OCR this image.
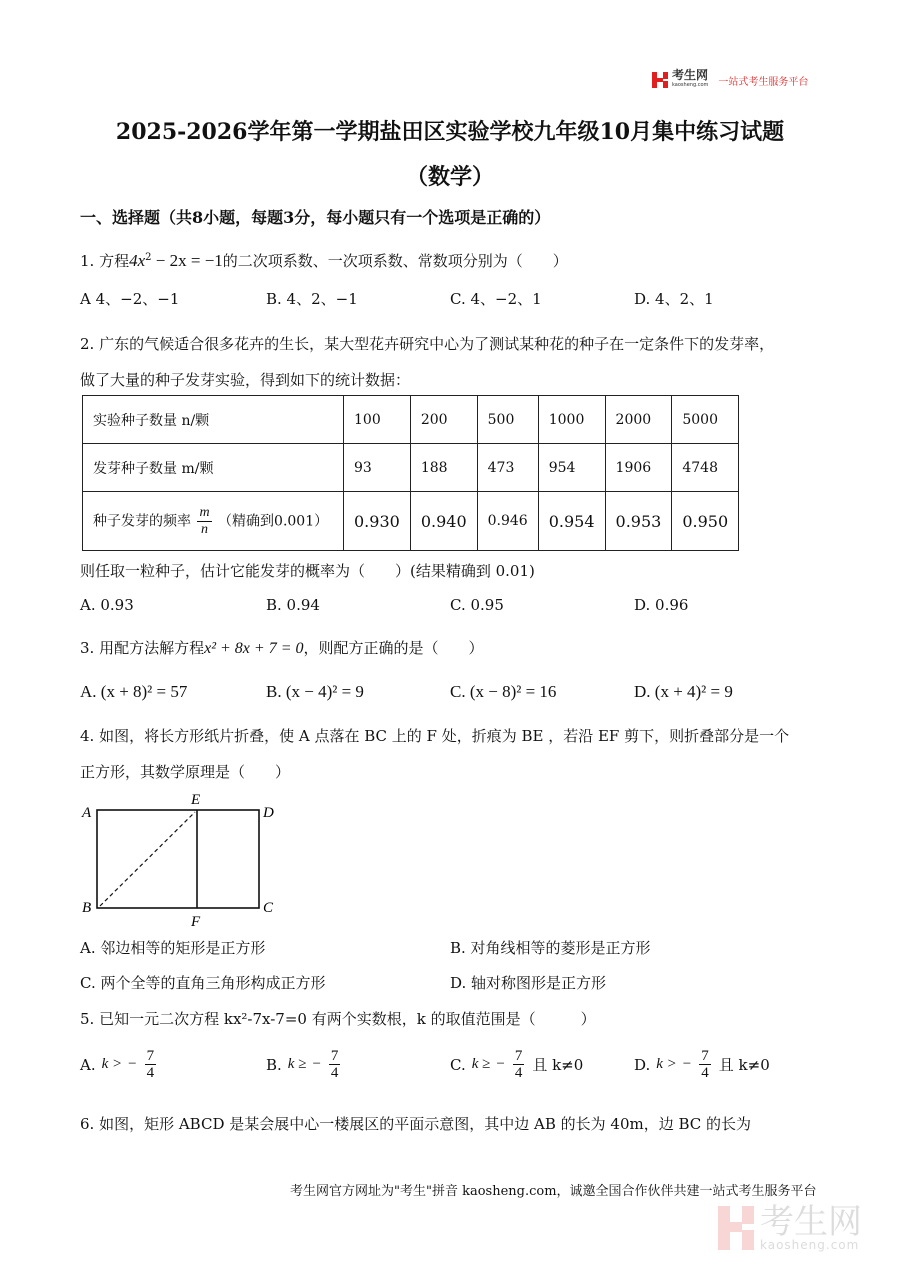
考生网
kaosheng.com 一站式考生服务平台
2025-2026学年第一学期盐田区实验学校九年级10月集中练习试题
（数学）
一、选择题（共8小题，每题3分，每小题只有一个选项是正确的）
1. 方程$4x^2 - 2x = -1$的二次项系数、一次项系数、常数项分别为（　　）
A 4、−2、−1	B. 4、2、−1	C. 4、−2、1	D. 4、2、1
2. 广东的气候适合很多花卉的生长，某大型花卉研究中心为了测试某种花的种子在一定条件下的发芽率，
做了大量的种子发芽实验，得到如下的统计数据：
实验种子数量 n/颗	100	200	500	1000	2000	5000
发芽种子数量 m/颗	93	188	473	954	1906	4748
种子发芽的频率 $\frac{m}{n}$ （精确到0.001）	0.930	0.940	0.946	0.954	0.953	0.950
则任取一粒种子，估计它能发芽的概率为（　　）(结果精确到 0.01)
A. 0.93	B. 0.94	C. 0.95	D. 0.96
3. 用配方法解方程x² + 8x + 7 = 0，则配方正确的是（　　）
A. (x + 8)² = 57	B. (x − 4)² = 9	C. (x − 8)² = 16	D. (x + 4)² = 9
4. 如图，将长方形纸片折叠，使 A 点落在 BC 上的 F 处，折痕为 BE ，若沿 EF 剪下，则折叠部分是一个
正方形，其数学原理是（　　）
A
E
D
B
F
C
A. 邻边相等的矩形是正方形	B. 对角线相等的菱形是正方形
C. 两个全等的直角三角形构成正方形	D. 轴对称图形是正方形
5. 已知一元二次方程 kx²-7x-7=0 有两个实数根，k 的取值范围是（　　　）
A. k > − $\frac{7}{4}$	B. k ≥ − $\frac{7}{4}$	C. k ≥ − $\frac{7}{4}$ 且 k≠0	D. k > − $\frac{7}{4}$ 且 k≠0
6. 如图，矩形 ABCD 是某会展中心一楼展区的平面示意图，其中边 AB 的长为 40m，边 BC 的长为
考生网官方网址为"考生"拼音 kaosheng.com，诚邀全国合作伙伴共建一站式考生服务平台
考生网
kaosheng.com
